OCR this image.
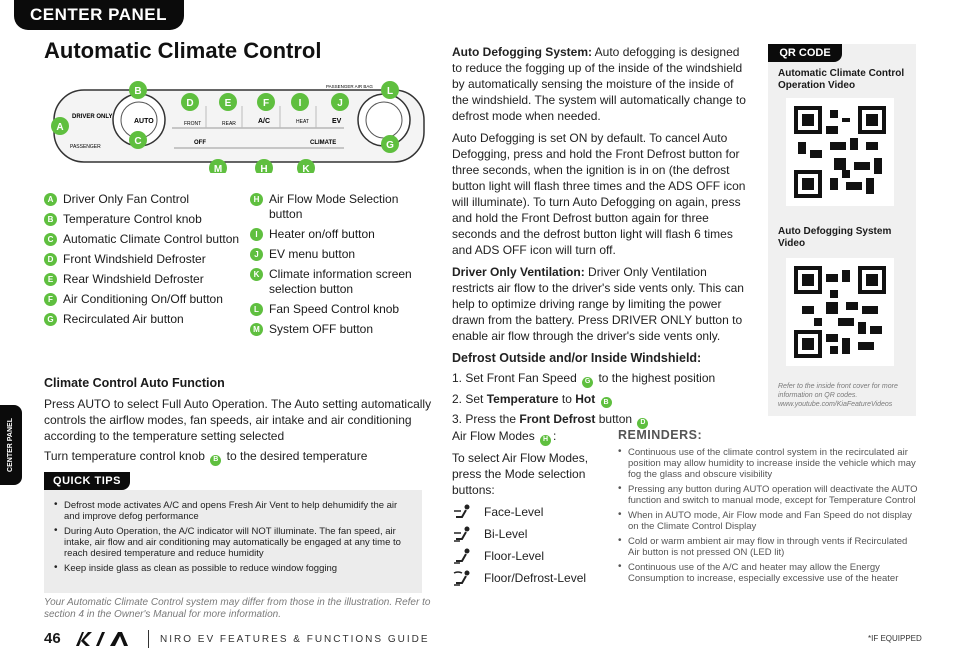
CENTER PANEL
CENTER PANEL
Automatic Climate Control
AUTO
DRIVER ONLY
FRONT	REAR	A/C	HEAT	EV
OFF	CLIMATE
PASSENGER
PASSENGER AIR BAG
A
B
C
D	E	F	I	J
L
G
M	H	K
A Driver Only Fan Control
B Temperature Control knob
C Automatic Climate Control button
D Front Windshield Defroster
E Rear Windshield Defroster
F Air Conditioning On/Off button
G Recirculated Air button
H Air Flow Mode Selection button
I Heater on/off button
J EV menu button
K Climate information screen selection button
L Fan Speed Control knob
M System OFF button
Climate Control Auto Function
Press AUTO to select Full Auto Operation. The Auto setting automatically controls the airflow modes, fan speeds, air intake and air conditioning according to the temperature setting selected
Turn temperature control knob B to the desired temperature
QUICK TIPS
• Defrost mode activates A/C and opens Fresh Air Vent to help dehumidify the air and improve defog performance
• During Auto Operation, the A/C indicator will NOT illuminate. The fan speed, air intake, air flow and air conditioning may automatically be engaged at any time to reach desired temperature and reduce humidity
• Keep inside glass as clean as possible to reduce window fogging
Your Automatic Climate Control system may differ from those in the illustration. Refer to section 4 in the Owner's Manual for more information.

Auto Defogging System: Auto defogging is designed to reduce the fogging up of the inside of the windshield by automatically sensing the moisture of the inside of the windshield. The system will automatically change to defrost mode when needed.

Auto Defogging is set ON by default. To cancel Auto Defogging, press and hold the Front Defrost button for three seconds, when the ignition is in on (the defrost button light will flash three times and the ADS OFF icon will illuminate). To turn Auto Defogging on again, press and hold the Front Defrost button again for three seconds and the defrost button light will flash 6 times and ADS OFF icon will turn off.

Driver Only Ventilation: Driver Only Ventilation restricts air flow to the driver's side vents only. This can help to optimize driving range by limiting the power drawn from the battery. Press DRIVER ONLY button to enable air flow through the driver's side vents only.

Defrost Outside and/or Inside Windshield:

1. Set Front Fan Speed G to the highest position

2. Set Temperature to Hot B

3. Press the Front Defrost button D

Air Flow Modes H :

To select Air Flow Modes, press the Mode selection buttons:

Face-Level
Bi-Level
Floor-Level
Floor/Defrost-Level
REMINDERS:
• Continuous use of the climate control system in the recirculated air position may allow humidity to increase inside the vehicle which may fog the glass and obscure visibility
• Pressing any button during AUTO operation will deactivate the AUTO function and switch to manual mode, except for Temperature Control
• When in AUTO mode, Air Flow mode and Fan Speed do not display on the Climate Control Display
• Cold or warm ambient air may flow in through vents if Recirculated Air button is not pressed ON (LED lit)
• Continuous use of the A/C and heater may allow the Energy Consumption to increase, especially excessive use of the heater
QR CODE
Automatic Climate Control Operation Video
Auto Defogging System Video
Refer to the inside front cover for more information on QR codes. www.youtube.com/KiaFeatureVideos
46	NIRO EV FEATURES & FUNCTIONS GUIDE	*IF EQUIPPED
